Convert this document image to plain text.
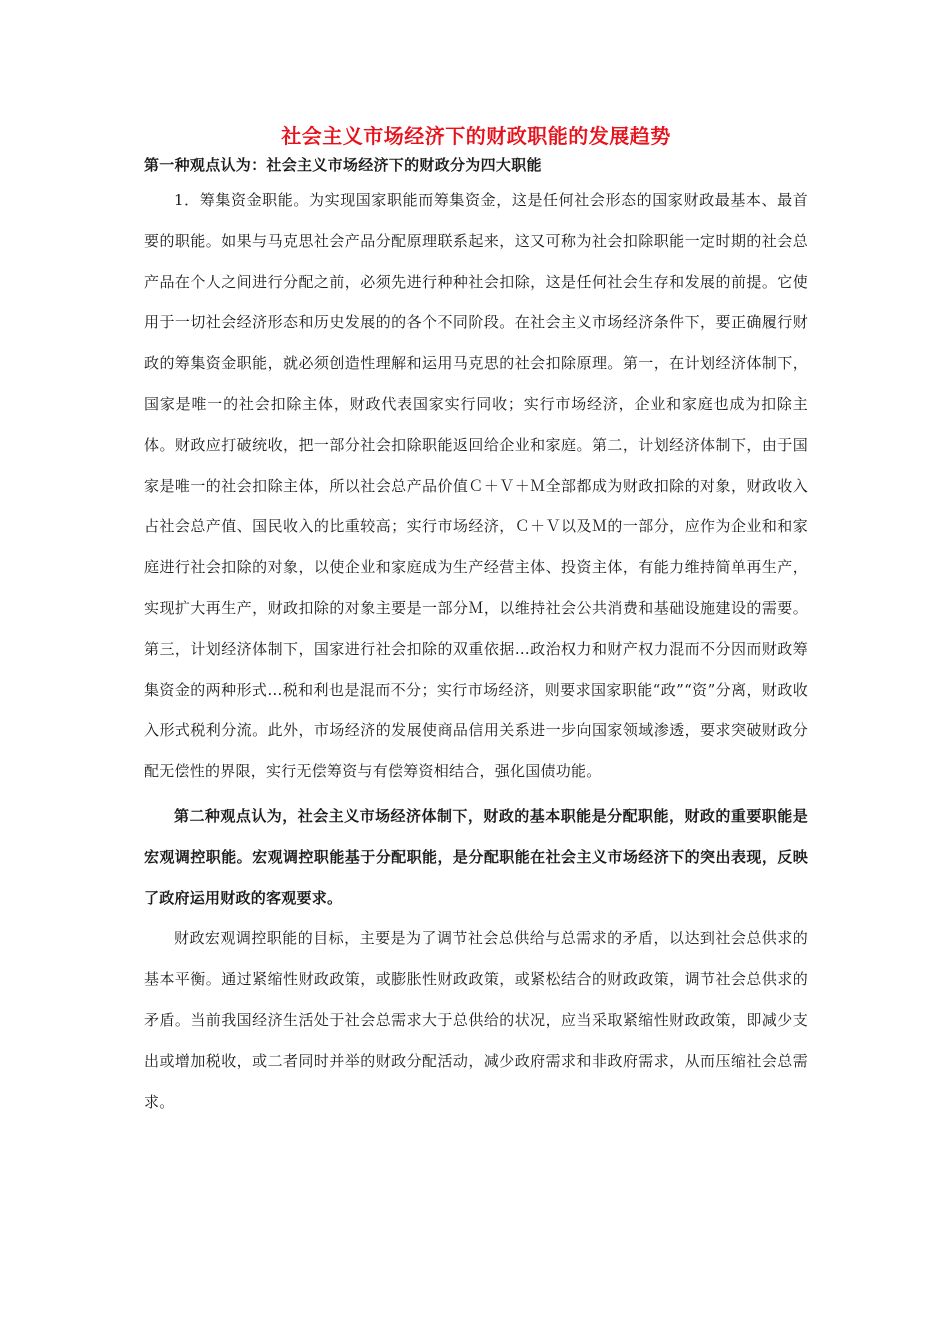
社会主义市场经济下的财政职能的发展趋势

第一种观点认为：社会主义市场经济下的财政分为四大职能

1．筹集资金职能。为实现国家职能而筹集资金，这是任何社会形态的国家财政最基本、最首要的职能。如果与马克思社会产品分配原理联系起来，这又可称为社会扣除职能一定时期的社会总产品在个人之间进行分配之前，必须先进行种种社会扣除，这是任何社会生存和发展的前提。它使用于一切社会经济形态和历史发展的的各个不同阶段。在社会主义市场经济条件下，要正确履行财政的筹集资金职能，就必须创造性理解和运用马克思的社会扣除原理。第一，在计划经济体制下，国家是唯一的社会扣除主体，财政代表国家实行同收；实行市场经济，企业和家庭也成为扣除主体。财政应打破统收，把一部分社会扣除职能返回给企业和家庭。第二，计划经济体制下，由于国家是唯一的社会扣除主体，所以社会总产品价值Ｃ＋Ｖ＋Ｍ全部都成为财政扣除的对象，财政收入占社会总产值、国民收入的比重较高；实行市场经济，Ｃ＋Ｖ以及Ｍ的一部分，应作为企业和和家庭进行社会扣除的对象，以使企业和家庭成为生产经营主体、投资主体，有能力维持简单再生产，实现扩大再生产，财政扣除的对象主要是一部分Ｍ，以维持社会公共消费和基础设施建设的需要。第三，计划经济体制下，国家进行社会扣除的双重依据…政治权力和财产权力混而不分因而财政筹集资金的两种形式…税和利也是混而不分；实行市场经济，则要求国家职能“政”“资”分离，财政收入形式税利分流。此外，市场经济的发展使商品信用关系进一步向国家领域渗透，要求突破财政分配无偿性的界限，实行无偿筹资与有偿筹资相结合，强化国债功能。

第二种观点认为，社会主义市场经济体制下，财政的基本职能是分配职能，财政的重要职能是宏观调控职能。宏观调控职能基于分配职能，是分配职能在社会主义市场经济下的突出表现，反映了政府运用财政的客观要求。

财政宏观调控职能的目标，主要是为了调节社会总供给与总需求的矛盾，以达到社会总供求的基本平衡。通过紧缩性财政政策，或膨胀性财政政策，或紧松结合的财政政策，调节社会总供求的矛盾。当前我国经济生活处于社会总需求大于总供给的状况，应当采取紧缩性财政政策，即减少支出或增加税收，或二者同时并举的财政分配活动，减少政府需求和非政府需求，从而压缩社会总需求。
